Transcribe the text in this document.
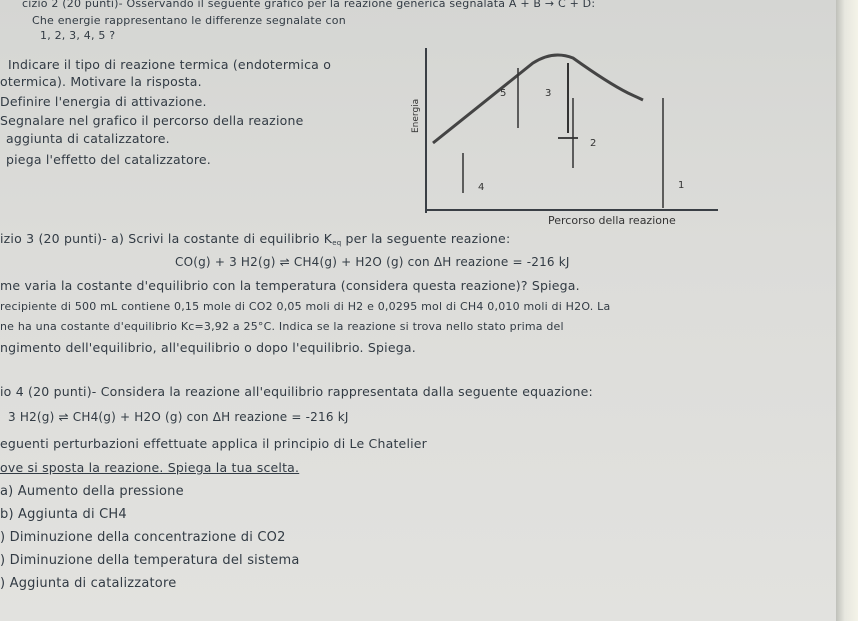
cizio 2 (20 punti)- Osservando il seguente grafico per la reazione generica segnalata A + B → C + D:
Che energie rappresentano le differenze segnalate con
1, 2, 3, 4, 5 ?
Indicare il tipo di reazione termica (endotermica o
otermica). Motivare la risposta.
Definire l'energia di attivazione.
Segnalare nel grafico il percorso della reazione
aggiunta di catalizzatore.
piega l'effetto del catalizzatore.
Energia
5	3
2
4	1
Percorso della reazione
izio 3 (20 punti)- a) Scrivi la costante di equilibrio $K_{eq}$ per la seguente reazione:
CO(g) + 3 H2(g) ⇌ CH4(g) + H2O (g) con ΔH reazione = -216 kJ
me varia la costante d'equilibrio con la temperatura (considera questa reazione)? Spiega.
recipiente di 500 mL contiene 0,15 mole di CO2 0,05 moli di H2 e 0,0295 mol di CH4 0,010 moli di H2O. La
ne ha una costante d'equilibrio Kc=3,92 a 25°C. Indica se la reazione si trova nello stato prima del
ngimento dell'equilibrio, all'equilibrio o dopo l'equilibrio. Spiega.
io 4 (20 punti)- Considera la reazione all'equilibrio rappresentata dalla seguente equazione:
3 H2(g) ⇌ CH4(g) + H2O (g) con ΔH reazione = -216 kJ
eguenti perturbazioni effettuate applica il principio di Le Chatelier
ove si sposta la reazione. Spiega la tua scelta.
a) Aumento della pressione
b) Aggiunta di CH4
) Diminuzione della concentrazione di CO2
) Diminuzione della temperatura del sistema
) Aggiunta di catalizzatore
